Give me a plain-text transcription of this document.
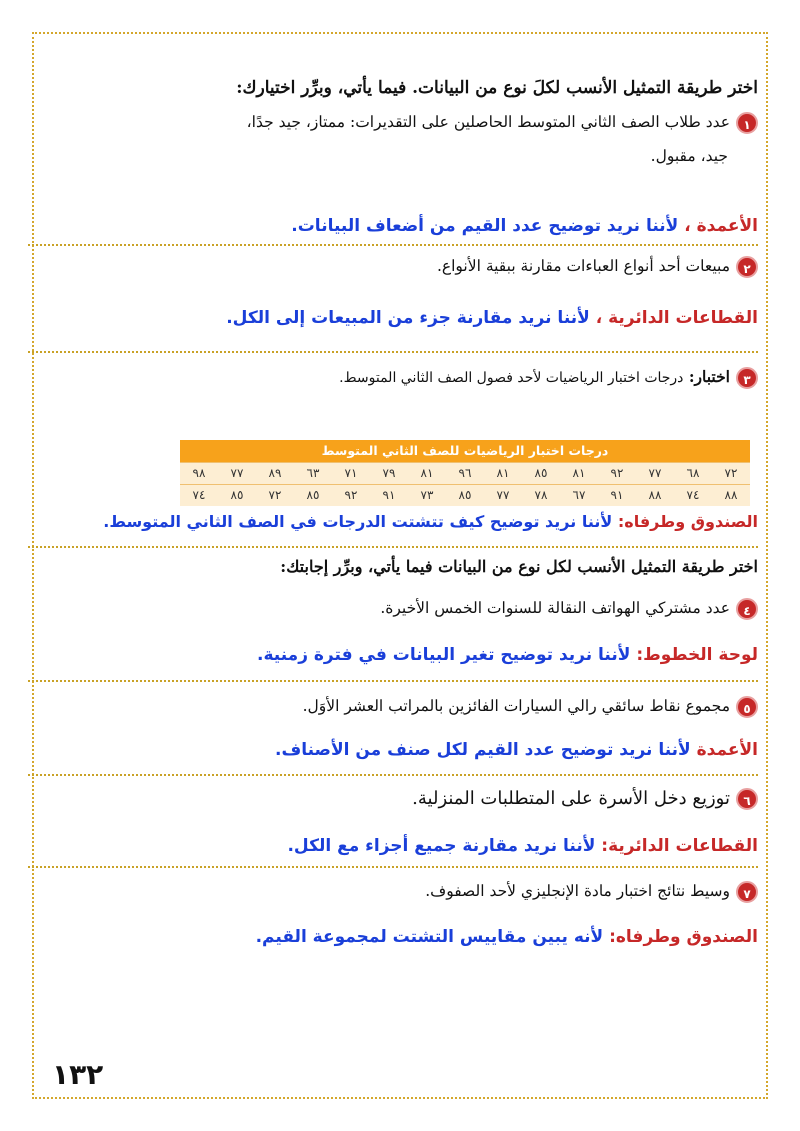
اختر طريقة التمثيل الأنسب لكلَ نوع من البيانات. فيما يأتي، وبرِّر اختيارك:
١عدد طلاب الصف الثاني المتوسط الحاصلين على التقديرات: ممتاز، جيد جدًا،
جيد، مقبول.
الأعمدة ، لأننا نريد توضيح عدد القيم من أضعاف البيانات.
٢مبيعات أحد أنواع العباءات مقارنة ببقية الأنواع.
القطاعات الدائرية ، لأننا نريد مقارنة جزء من المبيعات إلى الكل.
٣اختبار: درجات اختبار الرياضيات لأحد فصول الصف الثاني المتوسط.
درجات اختبار الرياضيات للصف الثاني المتوسط
٧٢
٦٨
٧٧
٩٢
٨١
٨٥
٨١
٩٦
٨١
٧٩
٧١
٦٣
٨٩
٧٧
٩٨
٨٨
٧٤
٨٨
٩١
٦٧
٧٨
٧٧
٨٥
٧٣
٩١
٩٢
٨٥
٧٢
٨٥
٧٤
الصندوق وطرفاه: لأننا نريد توضيح كيف تتشتت الدرجات في الصف الثاني المتوسط.
اختر طريقة التمثيل الأنسب لكل نوع من البيانات فيما يأتي، وبرِّر إجابتك:
٤عدد مشتركي الهواتف النقالة للسنوات الخمس الأخيرة.
لوحة الخطوط: لأننا نريد توضيح تغير البيانات في فترة زمنية.
٥مجموع نقاط سائقي رالي السيارات الفائزين بالمراتب العشر الأوَل.
الأعمدة لأننا نريد توضيح عدد القيم لكل صنف من الأصناف.
٦توزيع دخل الأسرة على المتطلبات المنزلية.
القطاعات الدائرية: لأننا نريد مقارنة جميع أجزاء مع الكل.
٧وسيط نتائج اختبار مادة الإنجليزي لأحد الصفوف.
الصندوق وطرفاه: لأنه يبين مقاييس التشتت لمجموعة القيم.
١٣٢
